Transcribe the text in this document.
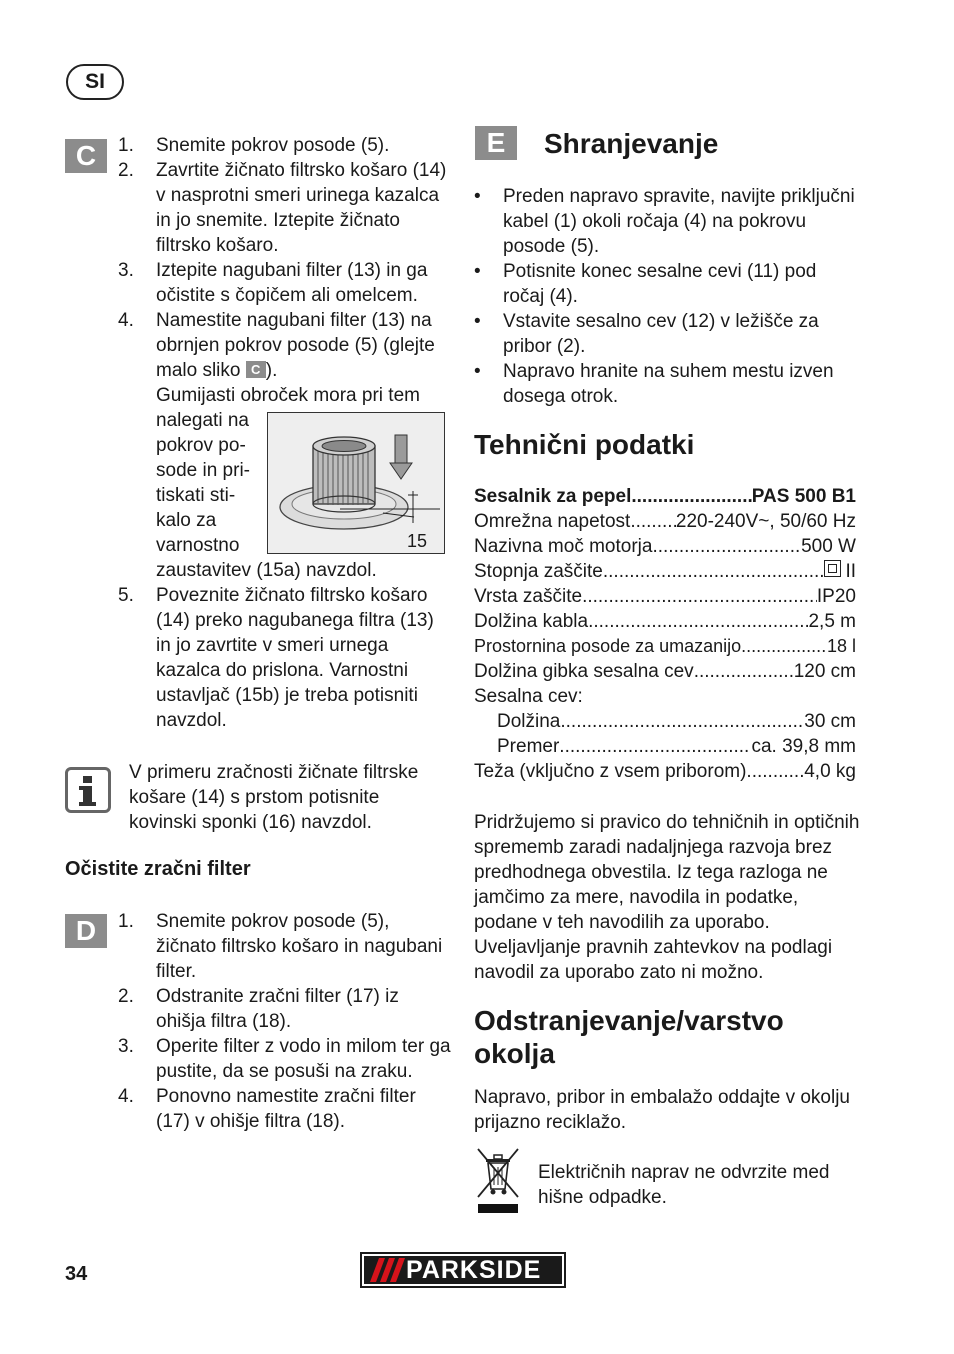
SI
C	1. Snemite pokrov posode (5).
2. Zavrtite žičnato filtrsko košaro (14) v nasprotni smeri urinega kazalca in jo snemite. Iztepite žičnato filtrsko košaro.
3. Iztepite nagubani filter (13) in ga očistite s čopičem ali omelcem.
4. Namestite nagubani filter (13) na obrnjen pokrov posode (5) (glejte malo sliko C ).
Gumijasti obroček mora pri tem
nalegati na
pokrov po-
sode in pri-
tiskati sti-
kalo za
varnostno
zaustavitev (15a) navzdol.
5. Poveznite žičnato filtrsko košaro (14) preko nagubanega filtra (13) in jo zavrtite v smeri urnega kazalca do prislona. Varnostni ustavljač (15b) je treba potisniti navzdol.
15
V primeru zračnosti žičnate filtrske košare (14) s prstom potisnite kovinski sponki (16) navzdol.
Očistite zračni filter
D	1. Snemite pokrov posode (5), žičnato filtrsko košaro in nagubani filter.
2. Odstranite zračni filter (17) iz ohišja filtra (18).
3. Operite filter z vodo in milom ter ga pustite, da se posuši na zraku.
4. Ponovno namestite zračni filter (17) v ohišje filtra (18).
E	Shranjevanje
• Preden napravo spravite, navijte priključni kabel (1) okoli ročaja (4) na pokrovu posode (5).
• Potisnite konec sesalne cevi (11) pod ročaj (4).
• Vstavite sesalno cev (12) v ležišče za pribor (2).
• Napravo hranite na suhem mestu izven dosega otrok.
Tehnični podatki
Sesalnik za pepel .....	PAS 500 B1
Omrežna napetost ..... 220-240V~, 50/60 Hz
Nazivna moč motorja .....	500 W
Stopnja zaščite .....	II
Vrsta zaščite .....	IP20
Dolžina kabla .....	2,5 m
Prostornina posode za umazanijo .....	18 l
Dolžina gibka sesalna cev .....	120 cm
Sesalna cev:
Dolžina .....	30 cm
Premer .....	ca. 39,8 mm
Teža (vključno z vsem priborom) .....	4,0 kg
Pridržujemo si pravico do tehničnih in optičnih sprememb zaradi nadaljnjega razvoja brez predhodnega obvestila. Iz tega razloga ne jamčimo za mere, navodila in podatke, podane v teh navodilih za uporabo. Uveljavljanje pravnih zahtevkov na podlagi navodil za uporabo zato ni možno.
Odstranjevanje/varstvo
okolja
Napravo, pribor in embalažo oddajte v okolju prijazno reciklažo.
Električnih naprav ne odvrzite med hišne odpadke.
34	PARKSIDE
